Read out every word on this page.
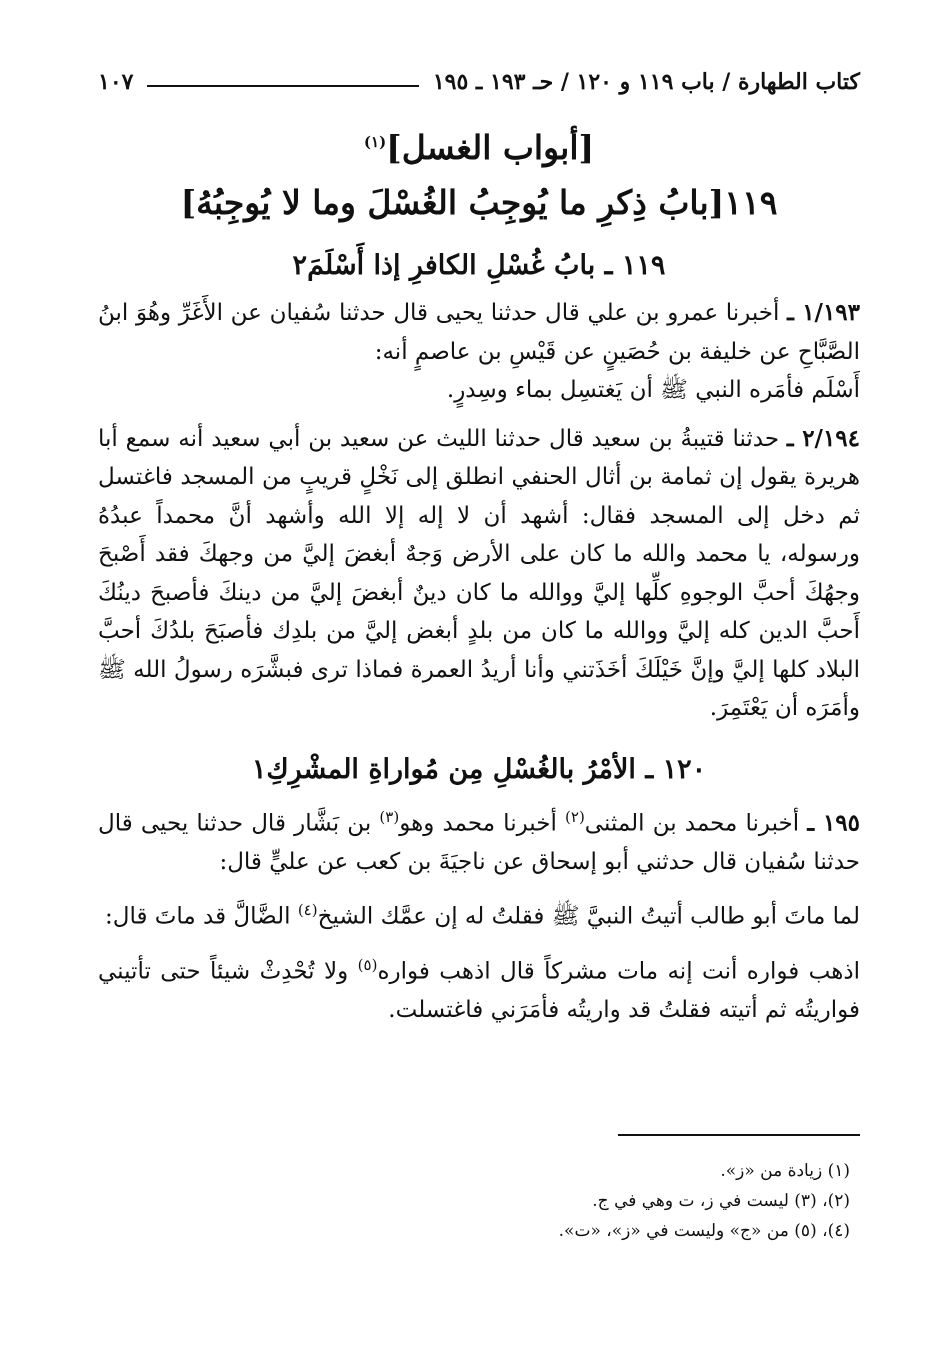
كتاب الطهارة / باب ١١٩ و ١٢٠ / حـ ١٩٣ ـ ١٩٥
١٠٧
[أبواب الغسل]$^{(١)}$
١١٩[بابُ ذِكرِ ما يُوجِبُ الغُسْلَ وما لا يُوجِبُهُ]
١١٩ ـ بابُ غُسْلِ الكافرِ إذا أَسْلَمَ٢

١/١٩٣ ـ أخبرنا عمرو بن علي قال حدثنا يحيى قال حدثنا سُفيان عن الأَغَرِّ وهُوَ ابنُ الصَّبَّاحِ عن خليفة بن حُصَينٍ عن قَيْسِ بن عاصمٍ أنه:

أَسْلَم فأمَره النبي ﷺ أن يَغتسِل بماء وسِدرٍ.

٢/١٩٤ ـ حدثنا قتيبةُ بن سعيد قال حدثنا الليث عن سعيد بن أبي سعيد أنه سمع أبا هريرة يقول إن ثمامة بن أثال الحنفي انطلق إلى نَخْلٍ قريبٍ من المسجد فاغتسل ثم دخل إلى المسجد فقال: أشهد أن لا إله إلا الله وأشهد أنَّ محمداً عبدُهُ ورسوله، يا محمد والله ما كان على الأرض وَجهٌ أبغضَ إليَّ من وجهكَ فقد أَصْبحَ وجهُكَ أحبَّ الوجوهِ كلِّها إليَّ ووالله ما كان دينٌ أبغضَ إليَّ من دينكَ فأصبحَ دينُكَ أَحبَّ الدين كله إليَّ ووالله ما كان من بلدٍ أبغض إليَّ من بلدِك فأصبَحَ بلدُكَ أحبَّ البلاد كلها إليَّ وإنَّ خَيْلَكَ أخَذَتني وأنا أريدُ العمرة فماذا ترى فبشَّرَه رسولُ الله ﷺ وأمَرَه أن يَعْتَمِرَ.

١٢٠ ـ الأمْرُ بالغُسْلِ مِن مُواراةِ المشْرِكِ١

١٩٥ ـ أخبرنا محمد بن المثنى$^{(٢)}$ أخبرنا محمد وهو$^{(٣)}$ بن بَشَّار قال حدثنا يحيى قال حدثنا سُفيان قال حدثني أبو إسحاق عن ناجيَةَ بن كعب عن عليٍّ قال:

لما ماتَ أبو طالب أتيتُ النبيَّ ﷺ فقلتُ له إن عمَّك الشيخ$^{(٤)}$ الضَّالَّ قد ماتَ قال:

اذهب فواره أنت إنه مات مشركاً قال اذهب فواره$^{(٥)}$ ولا تُحْدِثْ شيئاً حتى تأتيني فواريتُه ثم أتيته فقلتُ قد واريتُه فأمَرَني فاغتسلت.

(١) زيادة من «ز».
(٢)، (٣) ليست في ز، ت وهي في ج.
(٤)، (٥) من «ج» وليست في «ز»، «ت».
